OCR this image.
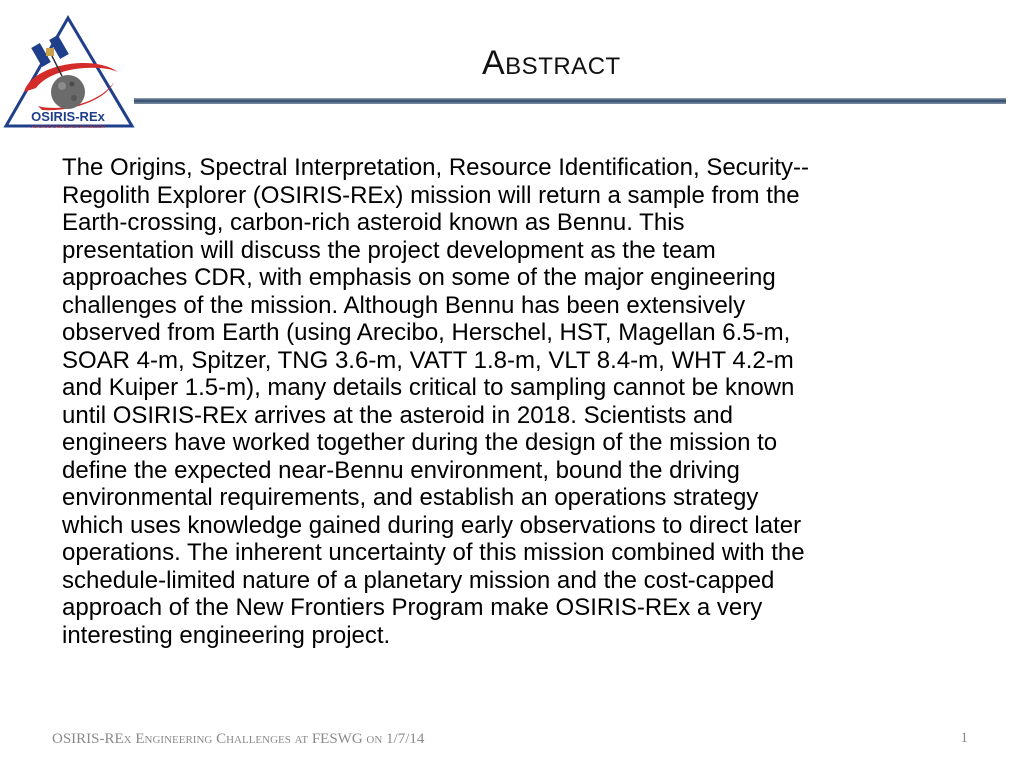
OSIRIS-REx
ASTEROID SAMPLE RETURN MISSION
Abstract

The Origins, Spectral Interpretation, Resource Identification, Security--
Regolith Explorer (OSIRIS-REx) mission will return a sample from the
Earth-crossing, carbon-rich asteroid known as Bennu. This
presentation will discuss the project development as the team
approaches CDR, with emphasis on some of the major engineering
challenges of the mission. Although Bennu has been extensively
observed from Earth (using Arecibo, Herschel, HST, Magellan 6.5-m,
SOAR 4-m, Spitzer, TNG 3.6-m, VATT 1.8-m, VLT 8.4-m, WHT 4.2-m
and Kuiper 1.5-m), many details critical to sampling cannot be known
until OSIRIS-REx arrives at the asteroid in 2018. Scientists and
engineers have worked together during the design of the mission to
define the expected near-Bennu environment, bound the driving
environmental requirements, and establish an operations strategy
which uses knowledge gained during early observations to direct later
operations. The inherent uncertainty of this mission combined with the
schedule-limited nature of a planetary mission and the cost-capped
approach of the New Frontiers Program make OSIRIS-REx a very
interesting engineering project.

OSIRIS-REx Engineering Challenges at FESWG on 1/7/14	1
